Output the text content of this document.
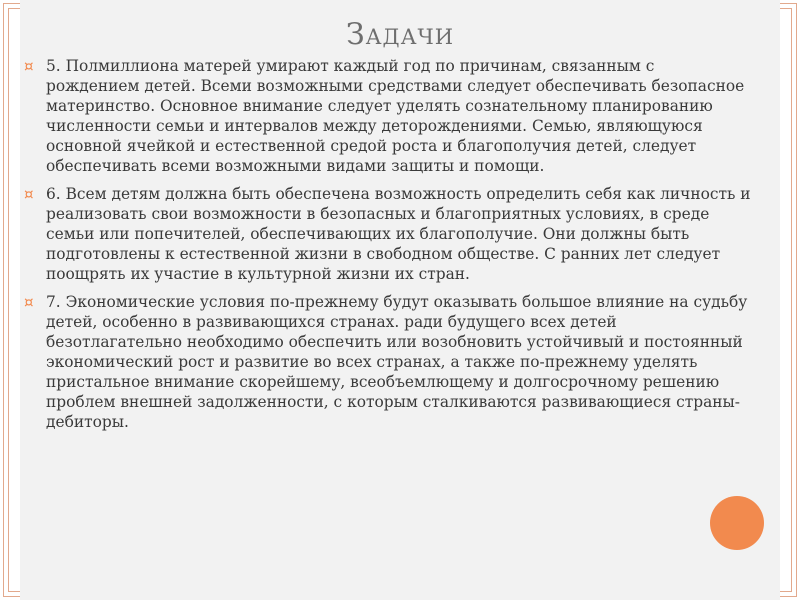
Задачи
¤ 5. Полмиллиона матерей умирают каждый год по причинам, связанным с рождением детей. Всеми возможными средствами следует обеспечивать безопасное материнство. Основное внимание следует уделять сознательному планированию численности семьи и интервалов между деторождениями. Семью, являющуюся основной ячейкой и естественной средой роста и благополучия детей, следует обеспечивать всеми возможными видами защиты и помощи.
¤ 6. Всем детям должна быть обеспечена возможность определить себя как личность и реализовать свои возможности в безопасных и благоприятных условиях, в среде семьи или попечителей, обеспечивающих их благополучие. Они должны быть подготовлены к естественной жизни в свободном обществе. С ранних лет следует поощрять их участие в культурной жизни их стран.
¤ 7. Экономические условия по-прежнему будут оказывать большое влияние на судьбу детей, особенно в развивающихся странах. ради будущего всех детей безотлагательно необходимо обеспечить или возобновить устойчивый и постоянный экономический рост и развитие во всех странах, а также по-прежнему уделять пристальное внимание скорейшему, всеобъемлющему и долгосрочному решению проблем внешней задолженности, с которым сталкиваются развивающиеся страны- дебиторы.
